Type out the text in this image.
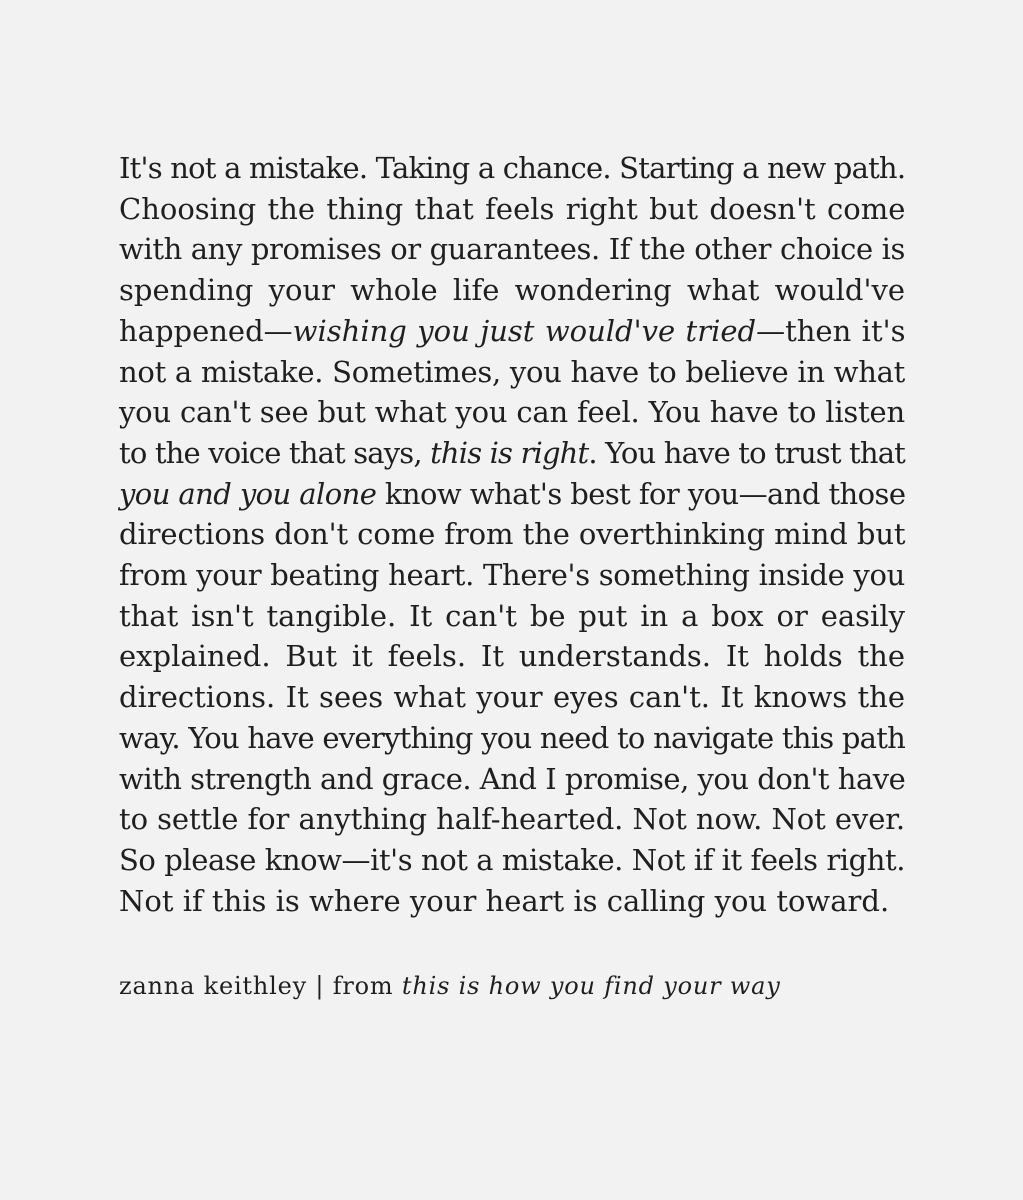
It's not a mistake. Taking a chance. Starting a new path.
Choosing the thing that feels right but doesn't come
with any promises or guarantees. If the other choice is
spending your whole life wondering what would've
happened—wishing you just would've tried—then it's
not a mistake. Sometimes, you have to believe in what
you can't see but what you can feel. You have to listen
to the voice that says, this is right. You have to trust that
you and you alone know what's best for you—and those
directions don't come from the overthinking mind but
from your beating heart. There's something inside you
that isn't tangible. It can't be put in a box or easily
explained. But it feels. It understands. It holds the
directions. It sees what your eyes can't. It knows the
way. You have everything you need to navigate this path
with strength and grace. And I promise, you don't have
to settle for anything half-hearted. Not now. Not ever.
So please know—it's not a mistake. Not if it feels right.
Not if this is where your heart is calling you toward.

zanna keithley | from this is how you find your way
